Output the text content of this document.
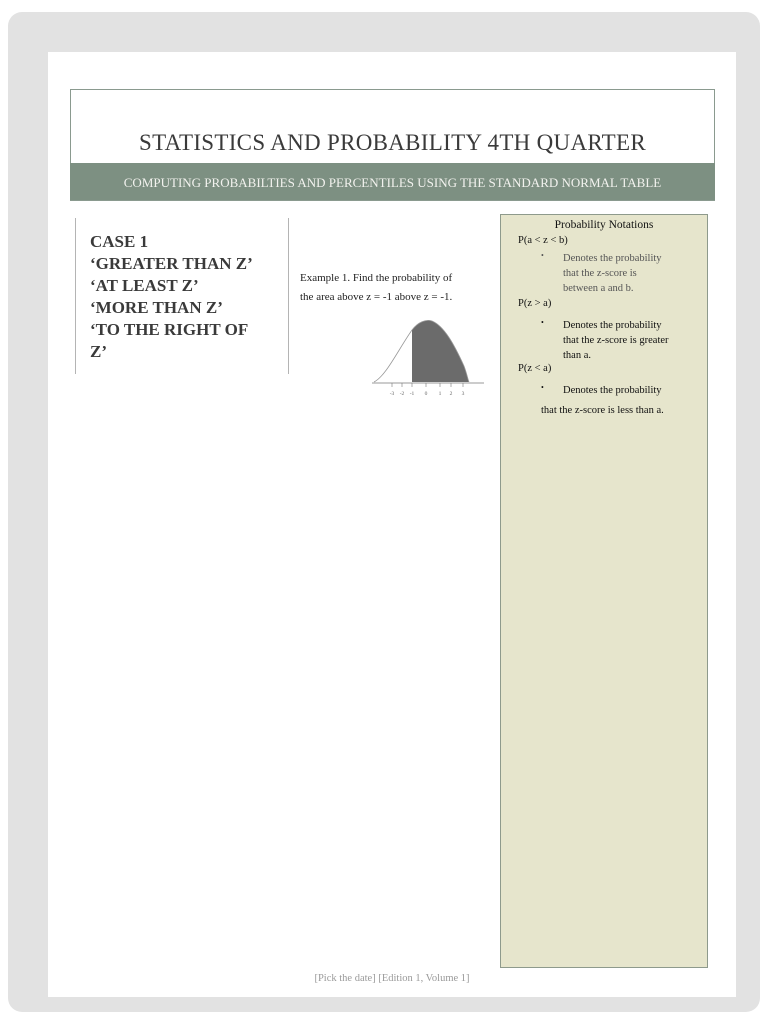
STATISTICS AND PROBABILITY 4TH QUARTER
COMPUTING PROBABILTIES AND PERCENTILES USING THE STANDARD NORMAL TABLE
CASE 1
‘GREATER THAN Z’
‘AT LEAST Z’
‘MORE THAN Z’
‘TO THE RIGHT OF
Z’
Example 1. Find the probability of
the area above z = -1 above z = -1.
-3 -2 -1 0 1 2 3
Probability Notations
P(a < z < b)
• Denotes the probability
that the z-score is
between a and b.
P(z > a)
• Denotes the probability
that the z-score is greater
than a.
P(z < a)
• Denotes the probability
that the z-score is less than a.
[Pick the date] [Edition 1, Volume 1]
